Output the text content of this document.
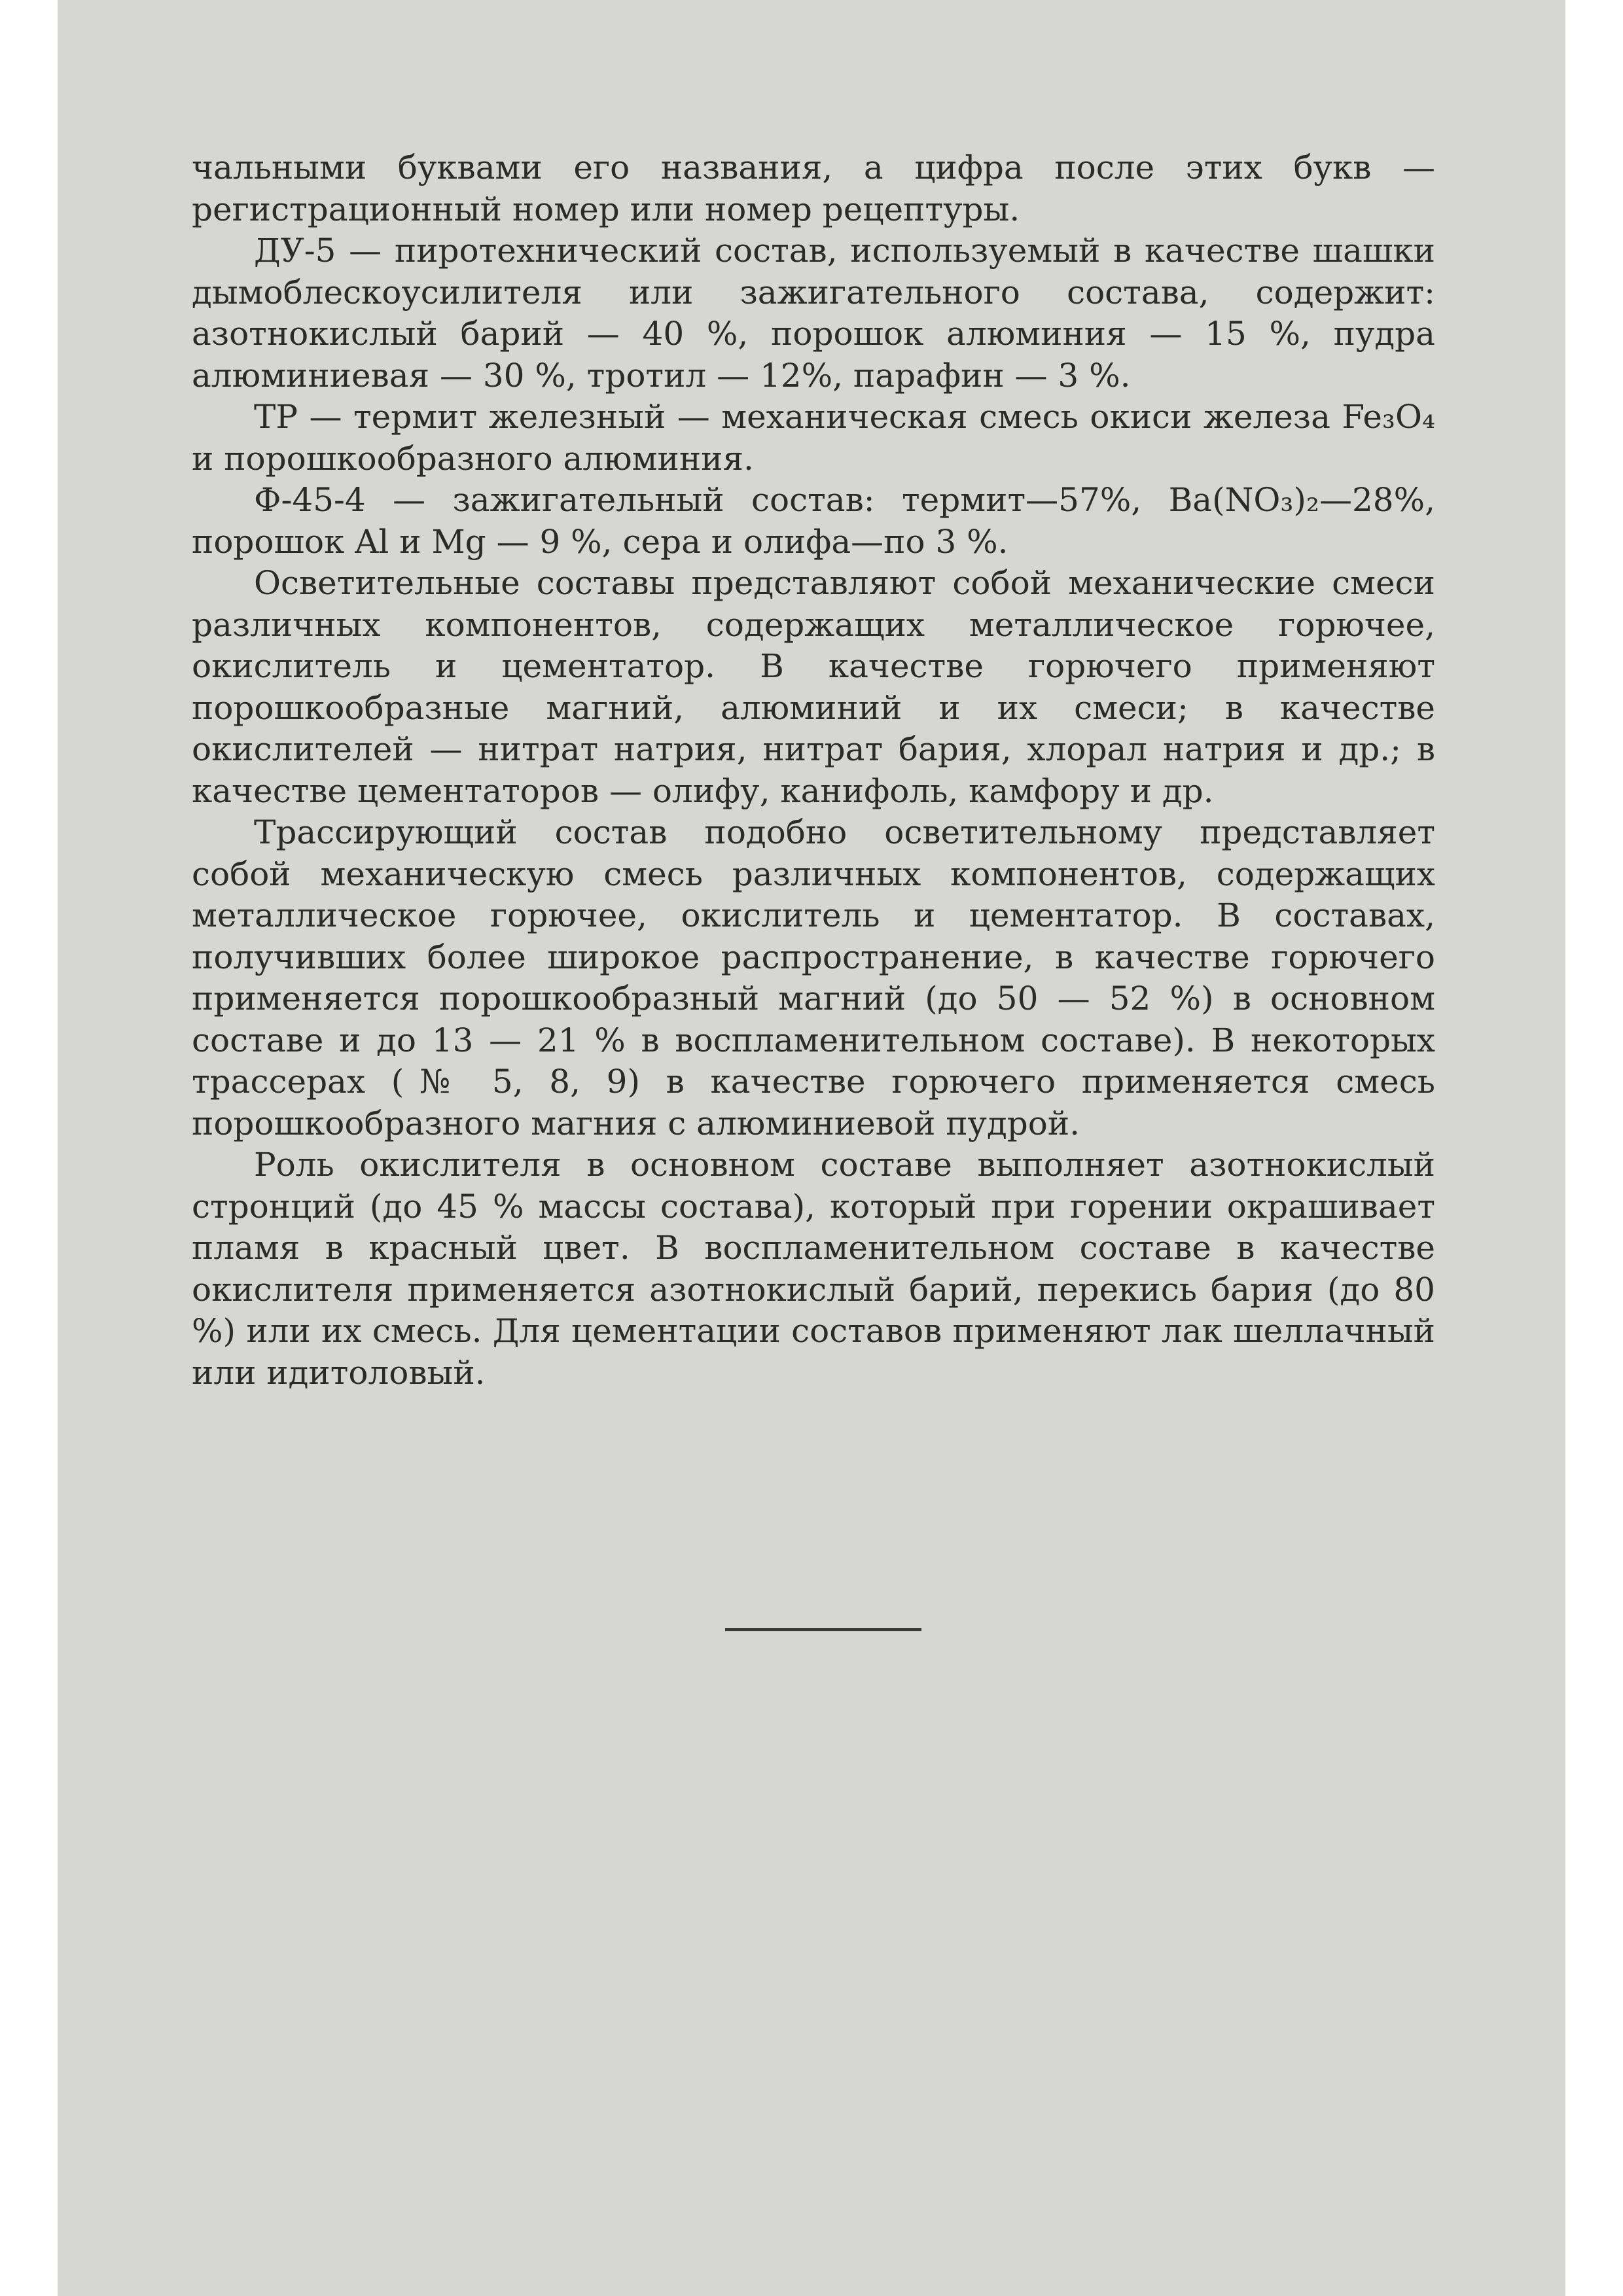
чальными буквами его названия, а цифра после этих букв — регистрационный номер или номер рецептуры.

ДУ-5 — пиротехнический состав, используемый в качестве шашки дымоблескоусилителя или зажигательного состава, содержит: азотнокислый барий — 40 %, порошок алюминия — 15 %, пудра алюминиевая — 30 %, тротил — 12%, парафин — 3 %.

ТР — термит железный — механическая смесь окиси железа Fe₃O₄ и порошкообразного алюминия.

Ф-45-4 — зажигательный состав: термит—57%, Ba(NO₃)₂—28%, порошок Al и Mg — 9 %, сера и олифа—по 3 %.

Осветительные составы представляют собой механические смеси различных компонентов, содержащих металлическое горючее, окислитель и цементатор. В качестве горючего применяют порошкообразные магний, алюминий и их смеси; в качестве окислителей — нитрат натрия, нитрат бария, хлорал натрия и др.; в качестве цементаторов — олифу, канифоль, камфору и др.

Трассирующий состав подобно осветительному представляет собой механическую смесь различных компонентов, содержащих металлическое горючее, окислитель и цементатор. В составах, получивших более широкое распространение, в качестве горючего применяется порошкообразный магний (до 50 — 52 %) в основном составе и до 13 — 21 % в воспламенительном составе). В некоторых трассерах (№ 5, 8, 9) в качестве горючего применяется смесь порошкообразного магния с алюминиевой пудрой.

Роль окислителя в основном составе выполняет азотнокислый стронций (до 45 % массы состава), который при горении окрашивает пламя в красный цвет. В воспламенительном составе в качестве окислителя применяется азотнокислый барий, перекись бария (до 80 %) или их смесь. Для цементации составов применяют лак шеллачный или идитоловый.
